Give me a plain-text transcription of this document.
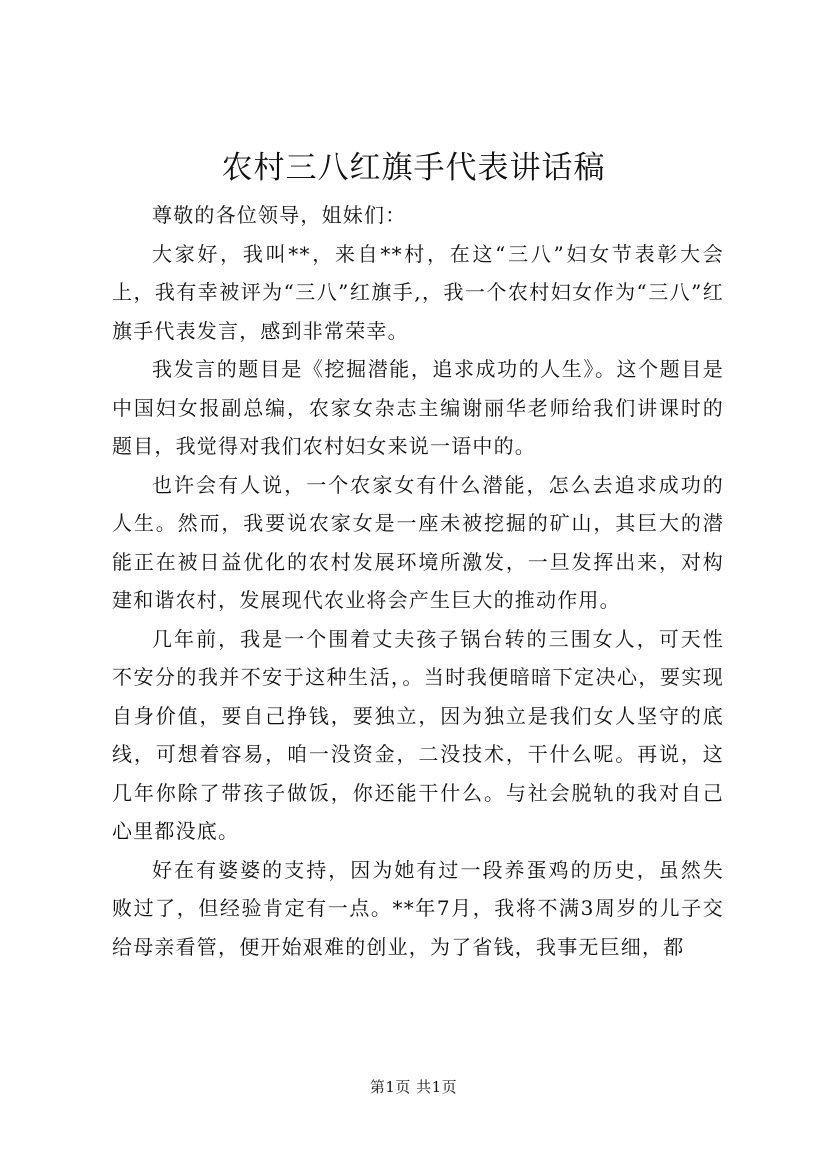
农村三八红旗手代表讲话稿

尊敬的各位领导，姐妹们：

大家好，我叫**，来自**村，在这“三八”妇女节表彰大会上，我有幸被评为“三八”红旗手,，我一个农村妇女作为“三八”红旗手代表发言，感到非常荣幸。

我发言的题目是《挖掘潜能，追求成功的人生》。这个题目是中国妇女报副总编，农家女杂志主编谢丽华老师给我们讲课时的题目，我觉得对我们农村妇女来说一语中的。

也许会有人说，一个农家女有什么潜能，怎么去追求成功的人生。然而，我要说农家女是一座未被挖掘的矿山，其巨大的潜能正在被日益优化的农村发展环境所激发，一旦发挥出来，对构建和谐农村，发展现代农业将会产生巨大的推动作用。

几年前，我是一个围着丈夫孩子锅台转的三围女人，可天性不安分的我并不安于这种生活，。当时我便暗暗下定决心，要实现自身价值，要自己挣钱，要独立，因为独立是我们女人坚守的底线，可想着容易，咱一没资金，二没技术，干什么呢。再说，这几年你除了带孩子做饭，你还能干什么。与社会脱轨的我对自己心里都没底。

好在有婆婆的支持，因为她有过一段养蛋鸡的历史，虽然失败过了，但经验肯定有一点。**年7月，我将不满3周岁的儿子交给母亲看管，便开始艰难的创业，为了省钱，我事无巨细，都

第1页 共1页
